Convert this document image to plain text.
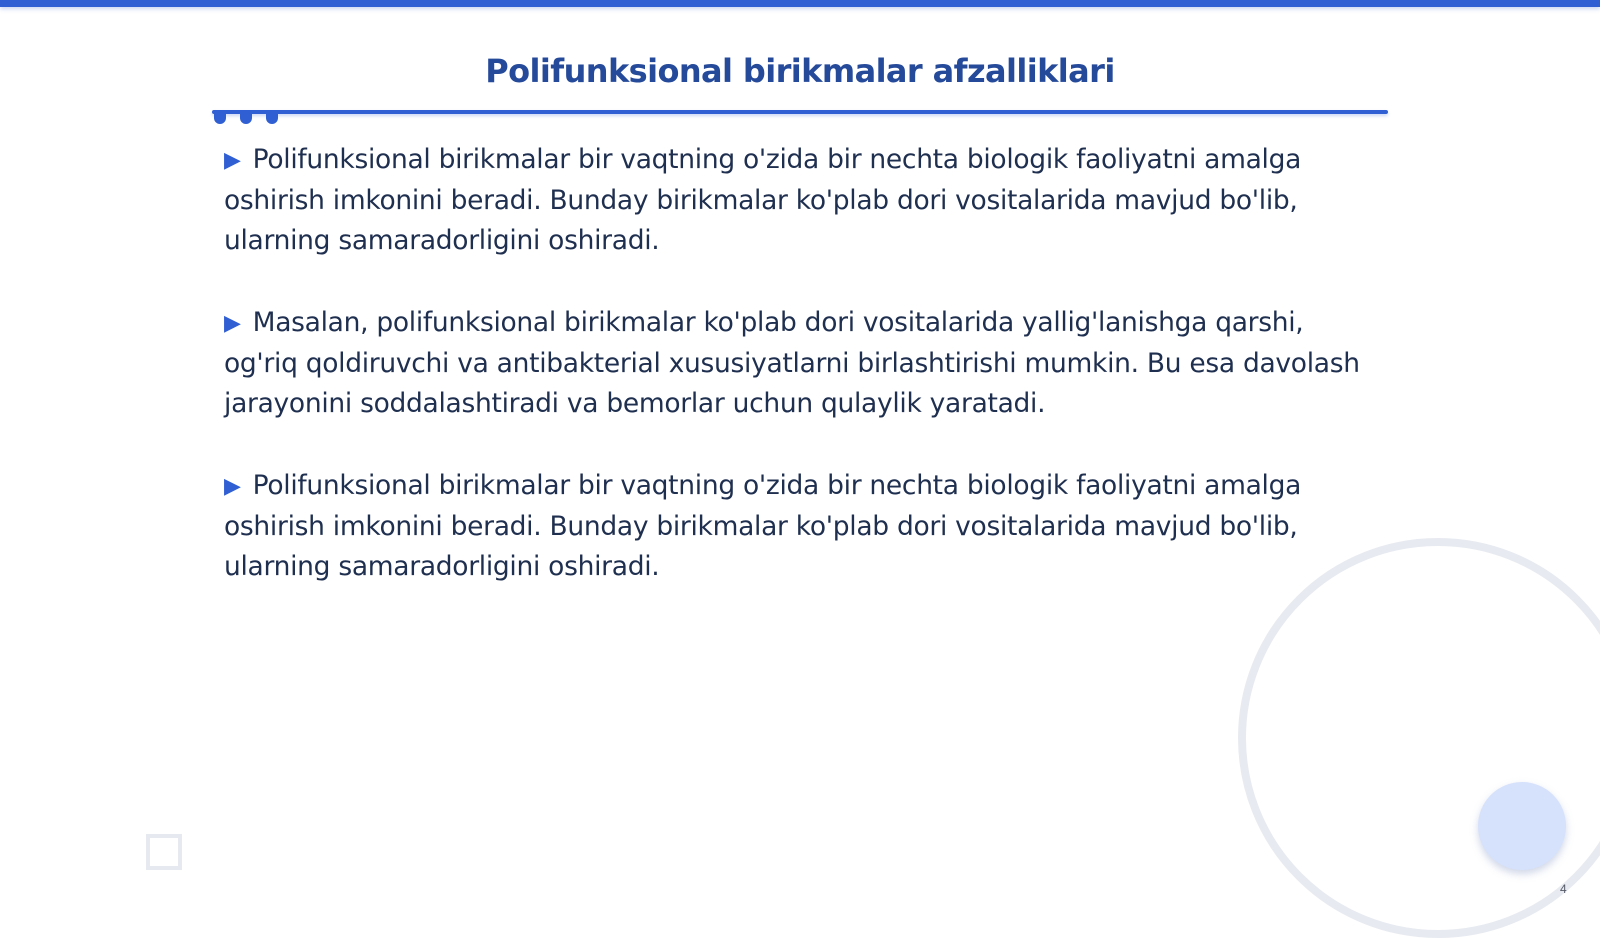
Polifunksional birikmalar afzalliklari

▶ Polifunksional birikmalar bir vaqtning o'zida bir nechta biologik faoliyatni amalga oshirish imkonini beradi. Bunday birikmalar ko'plab dori vositalarida mavjud bo'lib, ularning samaradorligini oshiradi.

▶ Masalan, polifunksional birikmalar ko'plab dori vositalarida yallig'lanishga qarshi, og'riq qoldiruvchi va antibakterial xususiyatlarni birlashtirishi mumkin. Bu esa davolash jarayonini soddalashtiradi va bemorlar uchun qulaylik yaratadi.

▶ Polifunksional birikmalar bir vaqtning o'zida bir nechta biologik faoliyatni amalga oshirish imkonini beradi. Bunday birikmalar ko'plab dori vositalarida mavjud bo'lib, ularning samaradorligini oshiradi.

4
